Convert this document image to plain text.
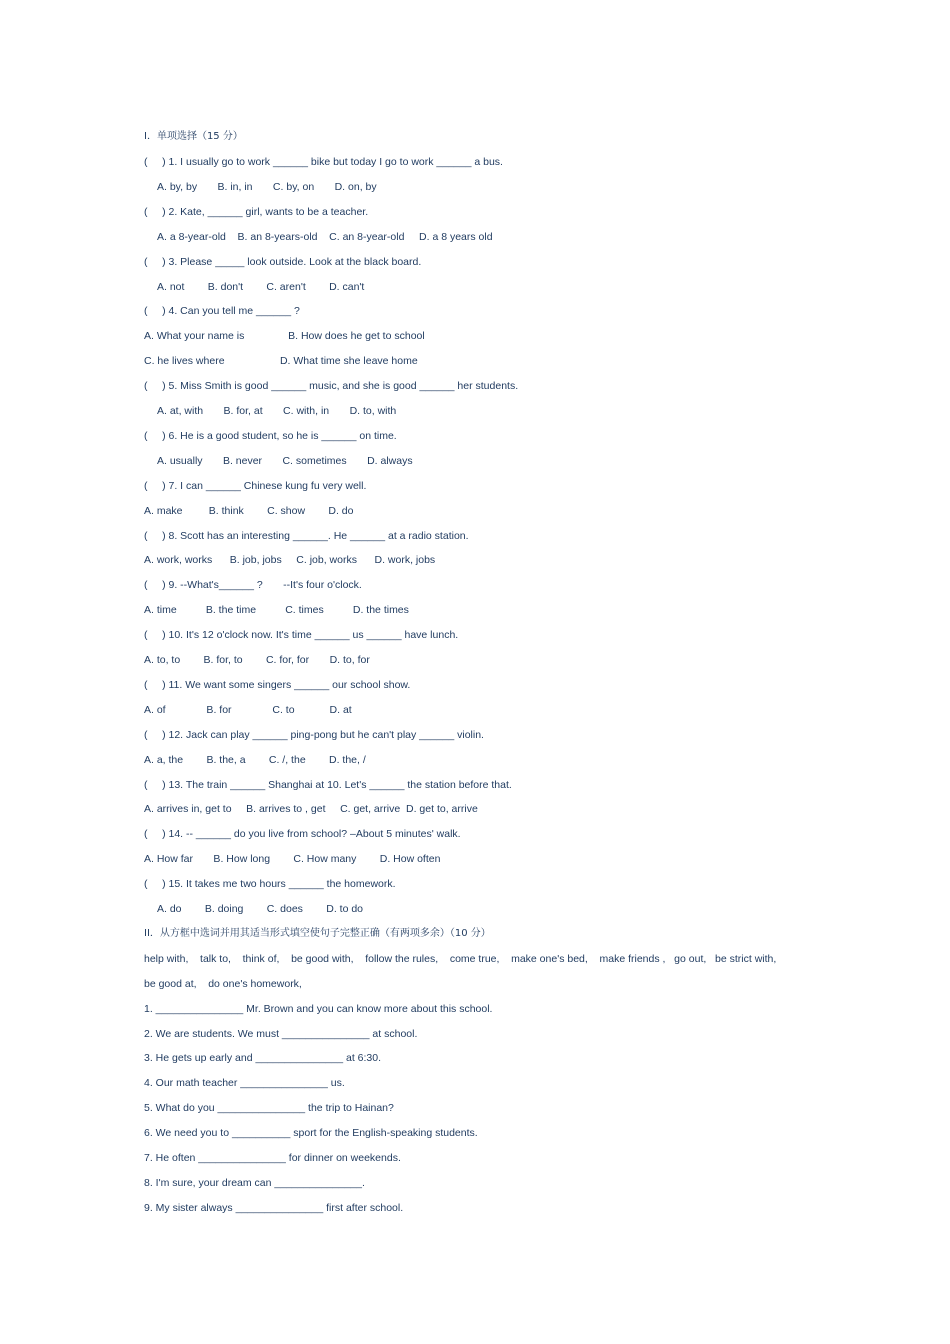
I．单项选择（15 分）
(     ) 1. I usually go to work ______ bike but today I go to work ______ a bus.
A. by, by       B. in, in       C. by, on       D. on, by
(     ) 2. Kate, ______ girl, wants to be a teacher.
A. a 8-year-old    B. an 8-years-old    C. an 8-year-old     D. a 8 years old
(     ) 3. Please _____ look outside. Look at the black board.
A. not        B. don't        C. aren't        D. can't
(     ) 4. Can you tell me ______ ?
A. What your name is               B. How does he get to school
C. he lives where                   D. What time she leave home
(     ) 5. Miss Smith is good ______ music, and she is good ______ her students.
A. at, with       B. for, at       C. with, in       D. to, with
(     ) 6. He is a good student, so he is ______ on time.
A. usually       B. never       C. sometimes       D. always
(     ) 7. I can ______ Chinese kung fu very well.
A. make         B. think        C. show        D. do
(     ) 8. Scott has an interesting ______. He ______ at a radio station.
A. work, works      B. job, jobs     C. job, works      D. work, jobs
(     ) 9. --What's______ ?       --It's four o'clock.
A. time          B. the time          C. times          D. the times
(     ) 10. It's 12 o'clock now. It's time ______ us ______ have lunch.
A. to, to        B. for, to        C. for, for       D. to, for
(     ) 11. We want some singers ______ our school show.
A. of              B. for              C. to            D. at
(     ) 12. Jack can play ______ ping-pong but he can't play ______ violin.
A. a, the        B. the, a        C. /, the        D. the, /
(     ) 13. The train ______ Shanghai at 10. Let's ______ the station before that.
A. arrives in, get to     B. arrives to , get     C. get, arrive  D. get to, arrive
(     ) 14. -- ______ do you live from school? –About 5 minutes' walk.
A. How far       B. How long        C. How many        D. How often
(     ) 15. It takes me two hours ______ the homework.
A. do        B. doing        C. does        D. to do
II．从方框中选词并用其适当形式填空使句子完整正确（有两项多余）（10 分）
help with,    talk to,    think of,    be good with,    follow the rules,    come true,    make one's bed,    make friends ,   go out,   be strict with,
be good at,    do one's homework,
1. _______________ Mr. Brown and you can know more about this school.
2. We are students. We must _______________ at school.
3. He gets up early and _______________ at 6:30.
4. Our math teacher _______________ us.
5. What do you _______________ the trip to Hainan?
6. We need you to __________ sport for the English-speaking students.
7. He often _______________ for dinner on weekends.
8. I'm sure, your dream can _______________.
9. My sister always _______________ first after school.
